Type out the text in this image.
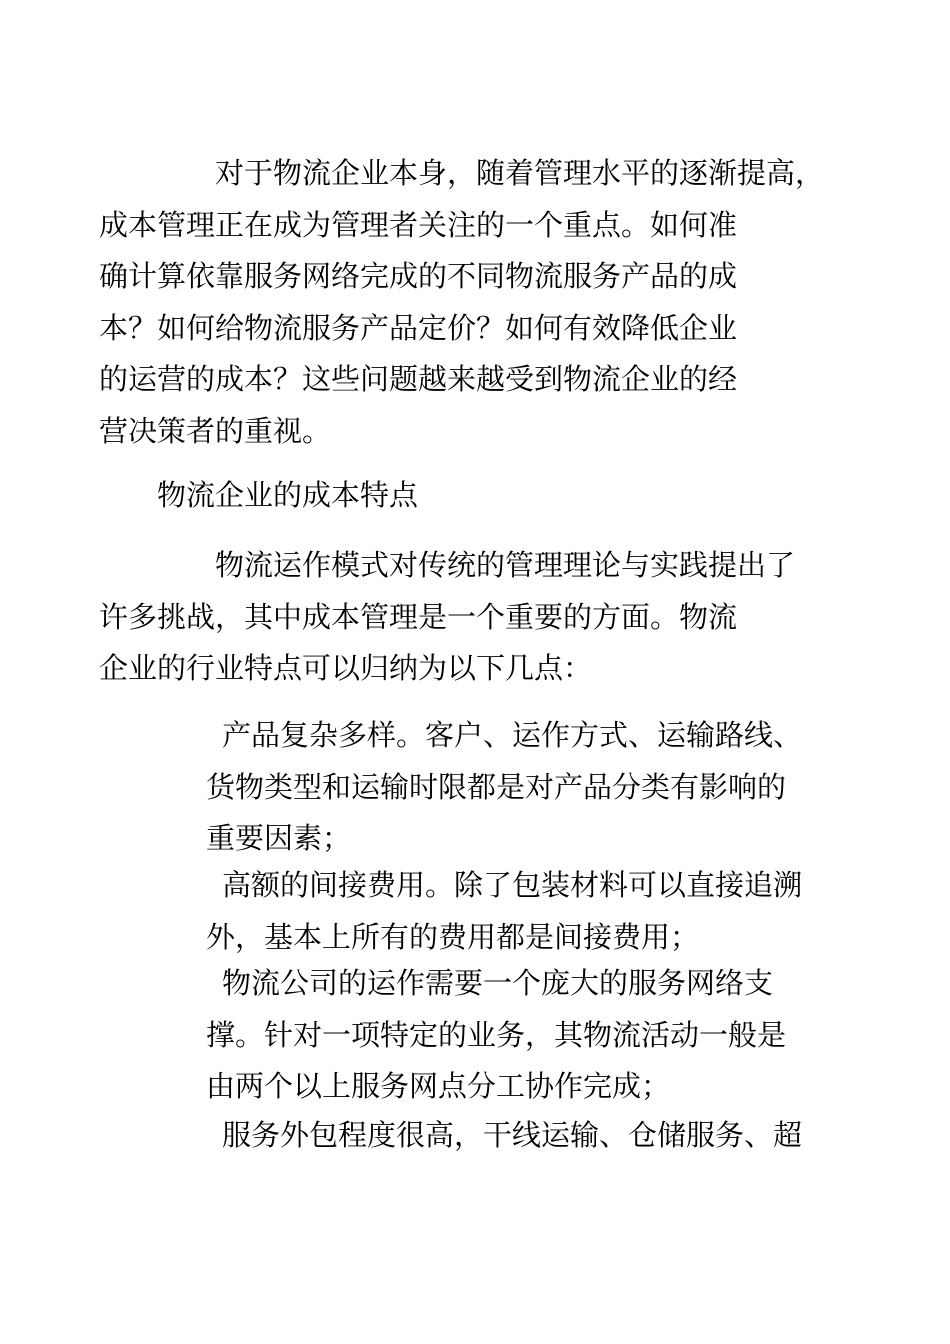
对于物流企业本身，随着管理水平的逐渐提高，
成本管理正在成为管理者关注的一个重点。如何准
确计算依靠服务网络完成的不同物流服务产品的成
本？如何给物流服务产品定价？如何有效降低企业
的运营的成本？这些问题越来越受到物流企业的经
营决策者的重视。

物流企业的成本特点

物流运作模式对传统的管理理论与实践提出了
许多挑战，其中成本管理是一个重要的方面。物流
企业的行业特点可以归纳为以下几点：

产品复杂多样。客户、运作方式、运输路线、
货物类型和运输时限都是对产品分类有影响的
重要因素；

高额的间接费用。除了包装材料可以直接追溯
外，基本上所有的费用都是间接费用；

物流公司的运作需要一个庞大的服务网络支
撑。针对一项特定的业务，其物流活动一般是
由两个以上服务网点分工协作完成；

服务外包程度很高，干线运输、仓储服务、超
